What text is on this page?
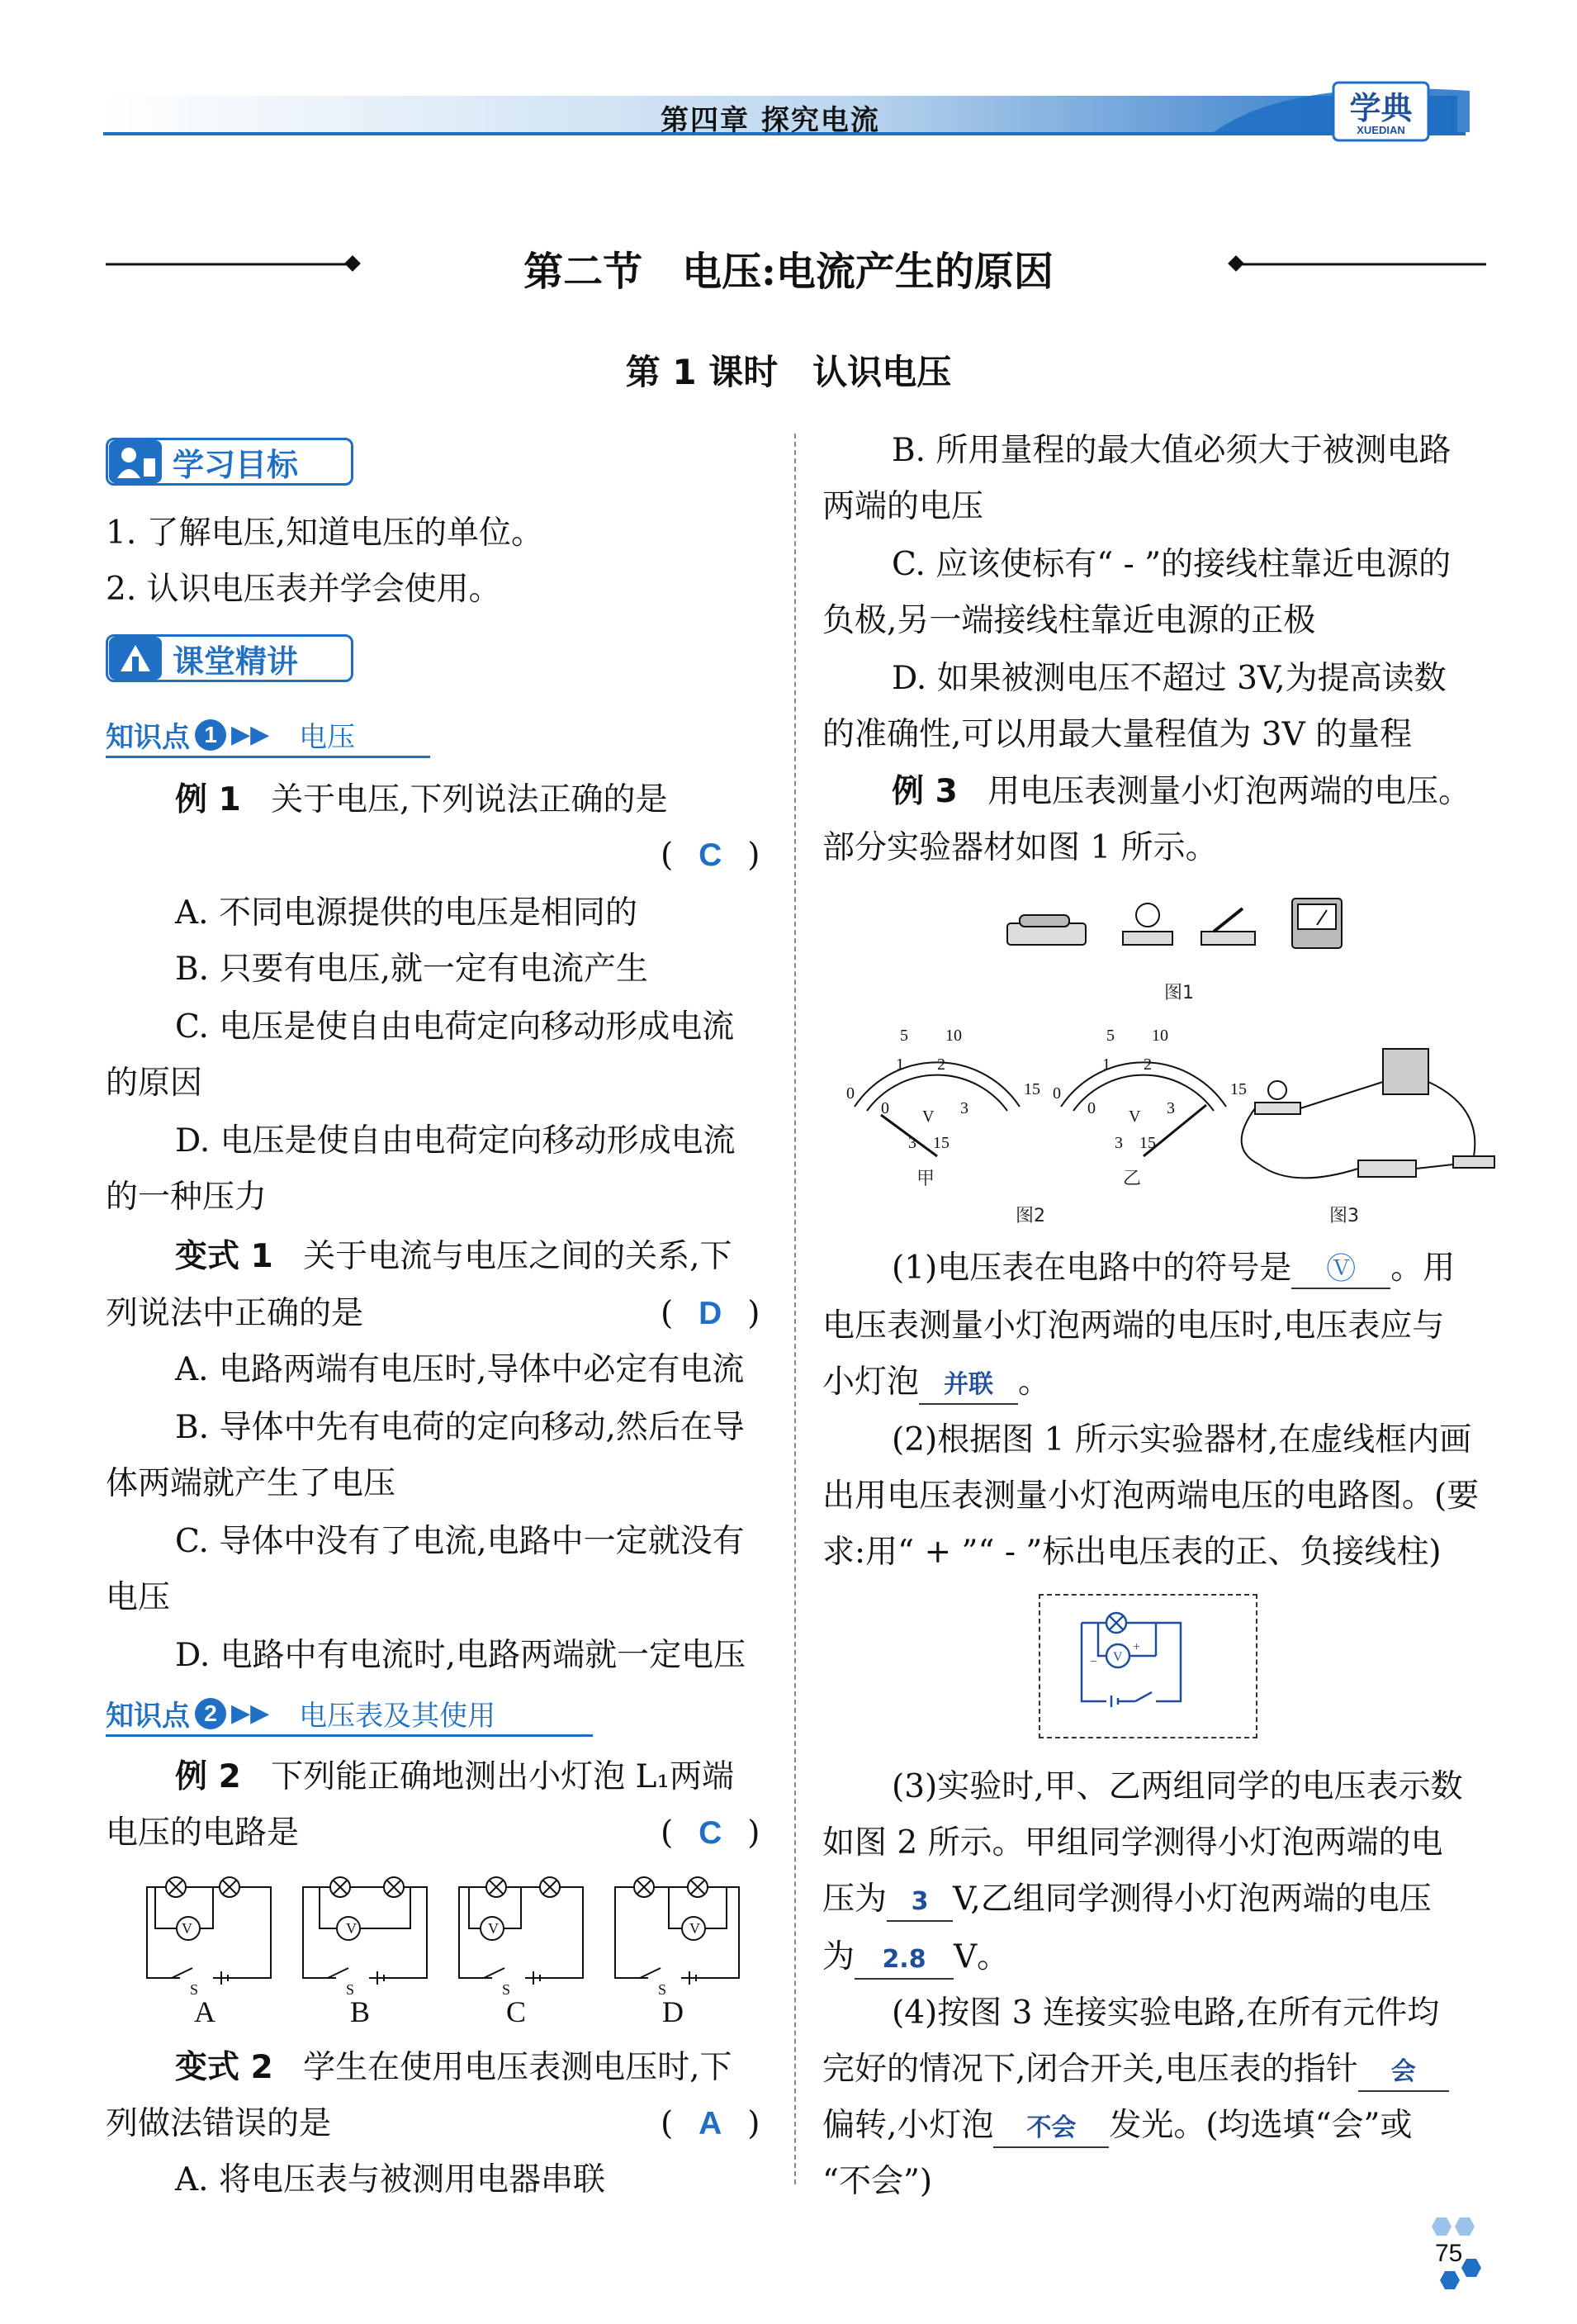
第四章 探究电流	学典
XUEDIAN
第二节　电压:电流产生的原因
第 1 课时　认识电压
学习目标
1. 了解电压,知道电压的单位。
2. 认识电压表并学会使用。
课堂精讲
知识点 1 ▶▶ 电压
例 1 关于电压,下列说法正确的是
( C )
A. 不同电源提供的电压是相同的
B. 只要有电压,就一定有电流产生
C. 电压是使自由电荷定向移动形成电流
的原因
D. 电压是使自由电荷定向移动形成电流
的一种压力
变式 1 关于电流与电压之间的关系,下
列说法中正确的是	( D )
A. 电路两端有电压时,导体中必定有电流
B. 导体中先有电荷的定向移动,然后在导
体两端就产生了电压
C. 导体中没有了电流,电路中一定就没有
电压
D. 电路中有电流时,电路两端就一定电压
知识点 2 ▶▶ 电压表及其使用
例 2 下列能正确地测出小灯泡 L₁两端
电压的电路是	( C )
V	V	V	V
S	S	S	S
A	B	C	D
变式 2 学生在使用电压表测电压时,下
列做法错误的是	( A )
A. 将电压表与被测用电器串联
B. 所用量程的最大值必须大于被测电路
两端的电压
C. 应该使标有“ - ”的接线柱靠近电源的
负极,另一端接线柱靠近电源的正极
D. 如果被测电压不超过 3V,为提高读数
的准确性,可以用最大量程值为 3V 的量程
例 3 用电压表测量小灯泡两端的电压。
部分实验器材如图 1 所示。
图1
5 10
0	15
1 2
3
0 V
3 15
5 10
0	15
1 2
3
0 V
3 15
甲	乙
图2	图3
(1)电压表在电路中的符号是 Ⓥ 。用
电压表测量小灯泡两端的电压时,电压表应与
小灯泡 并联 。
(2)根据图 1 所示实验器材,在虚线框内画
出用电压表测量小灯泡两端电压的电路图。(要
求:用“ + ”“ - ”标出电压表的正、负接线柱)
V
−
+
(3)实验时,甲、乙两组同学的电压表示数
如图 2 所示。甲组同学测得小灯泡两端的电
压为 3 V,乙组同学测得小灯泡两端的电压
为 2.8 V。
(4)按图 3 连接实验电路,在所有元件均
完好的情况下,闭合开关,电压表的指针 会
偏转,小灯泡 不会 发光。(均选填“会”或
“不会”)
75
